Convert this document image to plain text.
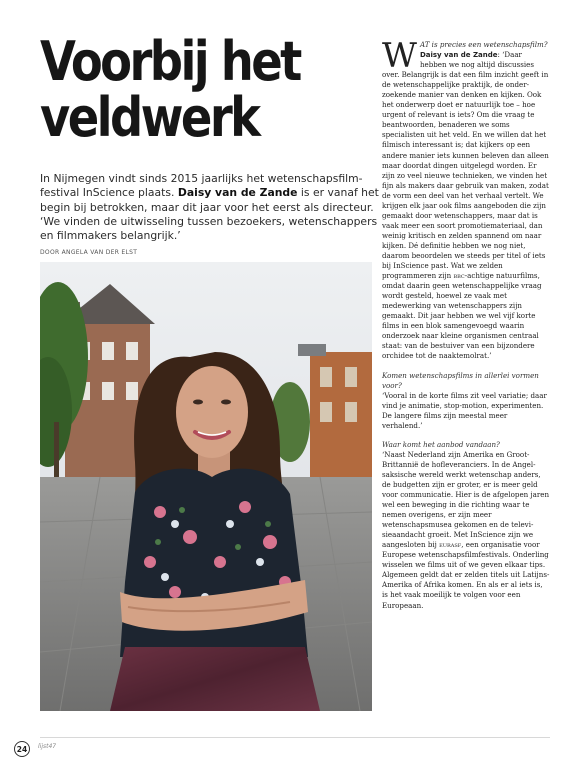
Voorbij het
veldwerk

In Nijmegen vindt sinds 2015 jaarlijks het wetenschapsfilmfestival InScience plaats. Daisy van de Zande is er vanaf het begin bij betrokken, maar dit jaar voor het eerst als directeur. ‘We vinden de uitwisseling tussen bezoekers, wetenschappers en filmmakers belangrijk.’

DOOR ANGELA VAN DER ELST

W AT is precies een wetenschapsfilm?
Daisy van de Zande: ‘Daar hebben we nog altijd discussies over. Belangrijk is dat een film inzicht geeft in de wetenschappelijke praktijk, de onderzoekende manier van denken en kijken. Ook het onderwerp doet er natuurlijk toe – hoe urgent of relevant is iets? Om die vraag te beantwoorden, benaderen we soms specialisten uit het veld. En we willen dat het filmisch interessant is; dat kijkers op een andere manier iets kunnen beleven dan alleen maar doordat dingen uitgelegd worden. Er zijn zo veel nieuwe technieken, we vinden het fijn als makers daar gebruik van maken, zodat de vorm een deel van het verhaal vertelt. We krijgen elk jaar ook films aangeboden die zijn gemaakt door wetenschappers, maar dat is vaak meer een soort promotiemateriaal, dan weinig kritisch en zelden spannend om naar kijken. Dé definitie hebben we nog niet, daarom beoordelen we steeds per titel of iets bij InScience past. Wat we zelden programmeren zijn bbc-achtige natuurfilms, omdat daarin geen wetenschappelijke vraag wordt gesteld, hoewel ze vaak met medewerking van wetenschappers zijn gemaakt. Dit jaar hebben we wel vijf korte films in een blok samengevoegd waarin onderzoek naar kleine organismen centraal staat: van de bestuiver van een bijzondere orchidee tot de naaktemolrat.’

Komen wetenschapsfilms in allerlei vormen voor?
‘Vooral in de korte films zit veel variatie; daar vind je animatie, stop-motion, experimenten. De langere films zijn meestal meer verhalend.’

Waar komt het aanbod vandaan?
‘Naast Nederland zijn Amerika en Groot-Brittannië de hofleveranciers. In de Angelsaksische wereld werkt wetenschap anders, de budgetten zijn er groter, er is meer geld voor communicatie. Hier is de afgelopen jaren wel een beweging in die richting waar te nemen overigens, er zijn meer wetenschapsmusea gekomen en de televisieaandacht groeit. Met InScience zijn we aangesloten bij eurasf, een organisatie voor Europese wetenschapsfilmfestivals. Onderling wisselen we films uit of we geven elkaar tips. Algemeen geldt dat er zelden titels uit Latijns-Amerika of Afrika komen. En als er al iets is, is het vaak moeilijk te volgen voor een Europeaan.

24	lijst47
